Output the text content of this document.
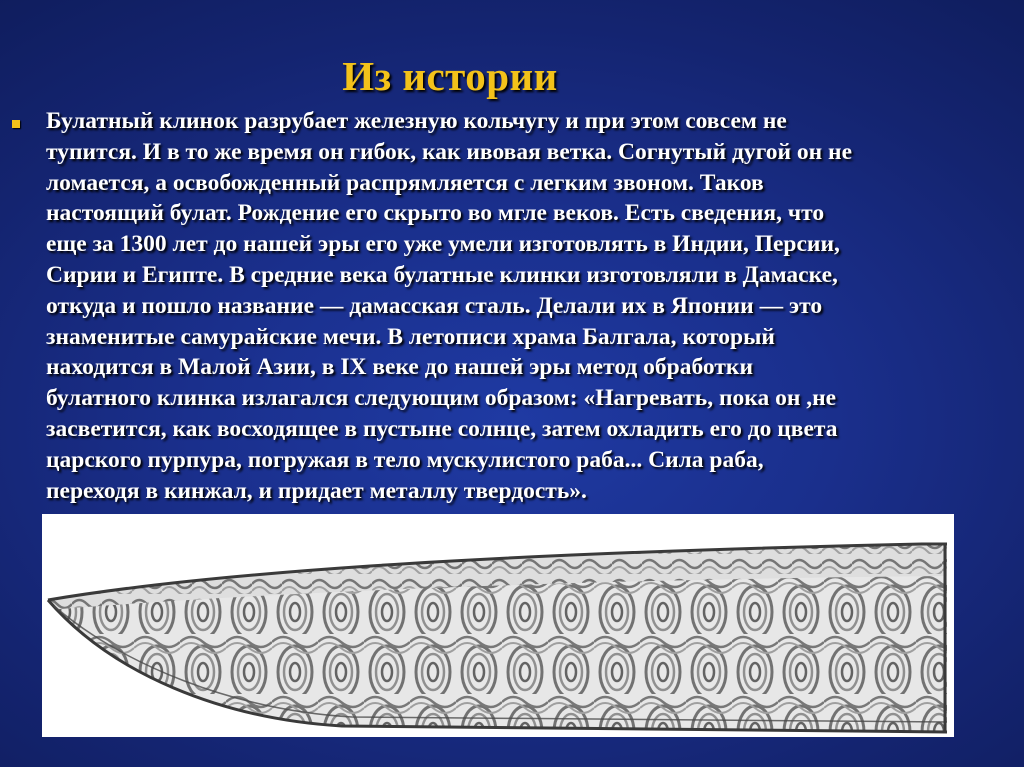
Из истории

Булатный клинок разрубает железную кольчугу и при этом совсем не
тупится. И в то же время он гибок, как ивовая ветка. Согнутый дугой он не
ломается, а освобожденный распрямляется с легким звоном. Таков
настоящий булат. Рождение его скрыто во мгле веков. Есть сведения, что
еще за 1300 лет до нашей эры его уже умели изготовлять в Индии, Персии,
Сирии и Египте. В средние века булатные клинки изготовляли в Дамаске,
откуда и пошло название — дамасская сталь. Делали их в Японии — это
знаменитые самурайские мечи. В летописи храма Балгала, который
находится в Малой Азии, в IX веке до нашей эры метод обработки
булатного клинка излагался следующим образом: «Нагревать, пока он ,не
засветится, как восходящее в пустыне солнце, затем охладить его до цвета
царского пурпура, погружая в тело мускулистого раба... Сила раба,
переходя в кинжал, и придает металлу твердость».
